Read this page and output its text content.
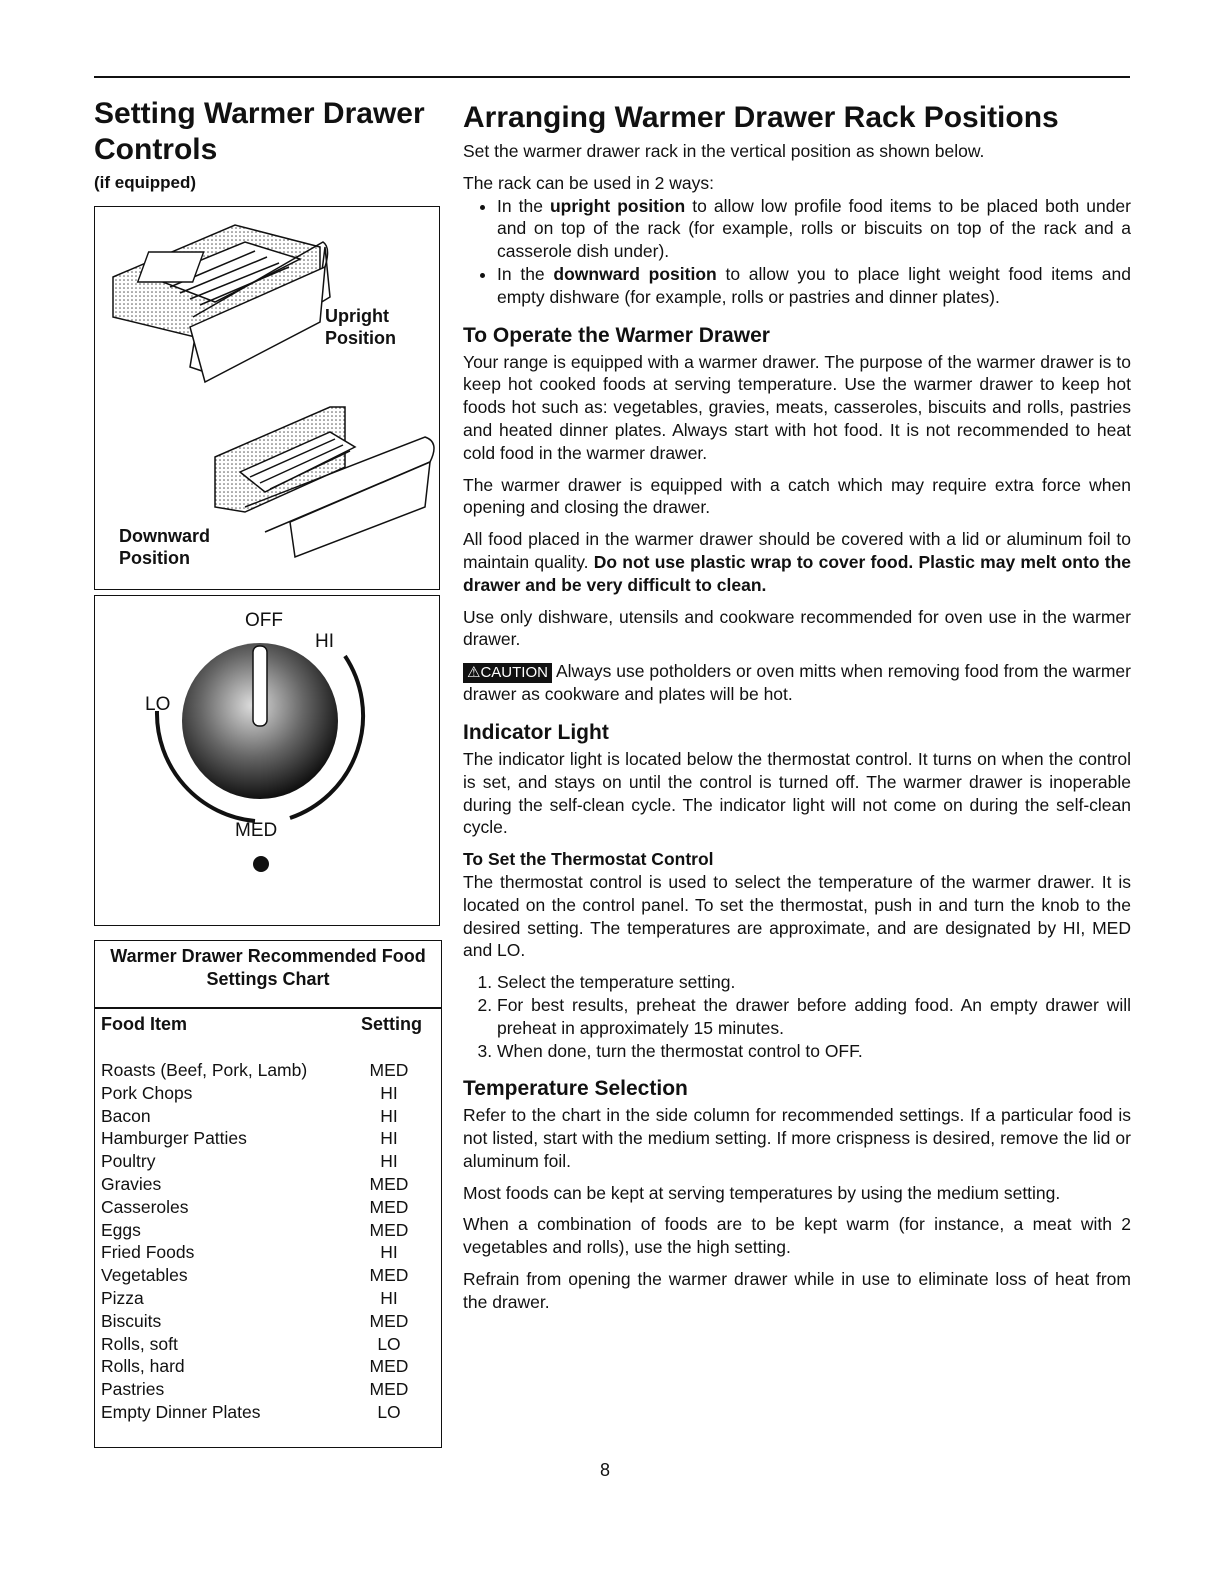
Setting Warmer Drawer Controls
(if equipped)
Upright Position
Downward Position
OFF
HI
LO
MED
Warmer Drawer Recommended Food Settings Chart
Food Item	Setting
Roasts (Beef, Pork, Lamb)	MED
Pork Chops	HI
Bacon	HI
Hamburger Patties	HI
Poultry	HI
Gravies	MED
Casseroles	MED
Eggs	MED
Fried Foods	HI
Vegetables	MED
Pizza	HI
Biscuits	MED
Rolls, soft	LO
Rolls, hard	MED
Pastries	MED
Empty Dinner Plates	LO
Arranging Warmer Drawer Rack Positions

Set the warmer drawer rack in the vertical position as shown below.

The rack can be used in 2 ways:

• In the upright position to allow low profile food items to be placed both under and on top of the rack (for example, rolls or biscuits on top of the rack and a casserole dish under).
• In the downward position to allow you to place light weight food items and empty dishware (for example, rolls or pastries and dinner plates).
To Operate the Warmer Drawer

Your range is equipped with a warmer drawer. The purpose of the warmer drawer is to keep hot cooked foods at serving temperature. Use the warmer drawer to keep hot foods hot such as: vegetables, gravies, meats, casseroles, biscuits and rolls, pastries and heated dinner plates. Always start with hot food. It is not recommended to heat cold food in the warmer drawer.

The warmer drawer is equipped with a catch which may require extra force when opening and closing the drawer.

All food placed in the warmer drawer should be covered with a lid or aluminum foil to maintain quality. Do not use plastic wrap to cover food. Plastic may melt onto the drawer and be very difficult to clean.

Use only dishware, utensils and cookware recommended for oven use in the warmer drawer.

⚠CAUTION Always use potholders or oven mitts when removing food from the warmer drawer as cookware and plates will be hot.

Indicator Light

The indicator light is located below the thermostat control. It turns on when the control is set, and stays on until the control is turned off. The warmer drawer is inoperable during the self-clean cycle. The indicator light will not come on during the self-clean cycle.

To Set the Thermostat Control

The thermostat control is used to select the temperature of the warmer drawer. It is located on the control panel. To set the thermostat, push in and turn the knob to the desired setting. The temperatures are approximate, and are designated by HI, MED and LO.

1. Select the temperature setting.
2. For best results, preheat the drawer before adding food. An empty drawer will preheat in approximately 15 minutes.
3. When done, turn the thermostat control to OFF.
Temperature Selection

Refer to the chart in the side column for recommended settings. If a particular food is not listed, start with the medium setting. If more crispness is desired, remove the lid or aluminum foil.

Most foods can be kept at serving temperatures by using the medium setting.

When a combination of foods are to be kept warm (for instance, a meat with 2 vegetables and rolls), use the high setting.

Refrain from opening the warmer drawer while in use to eliminate loss of heat from the drawer.

8
